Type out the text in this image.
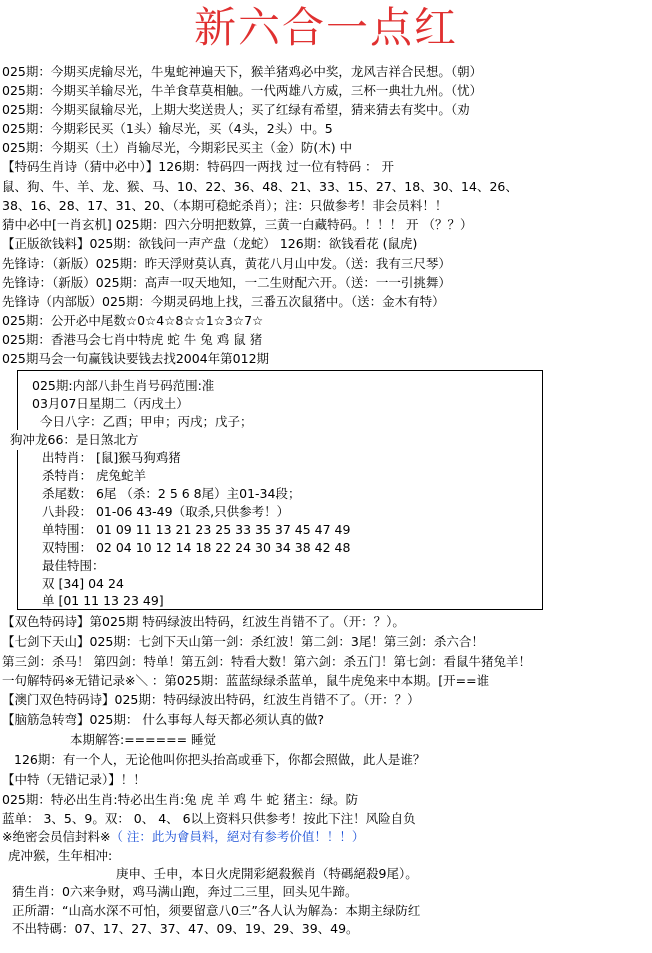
新六合一点红
025期：今期买虎输尽光，牛鬼蛇神遍天下，猴羊猪鸡必中奖，龙风吉祥合民想。（朝）
025期：今期买羊输尽光，牛羊食草莫相触。一代两雄八方威，三杯一典壮九州。（忧）
025期：今期买鼠输尽光，上期大奖送贵人；买了红绿有希望，猜来猜去有奖中。（劝
025期：今期彩民买（1头）输尽光，买（4头，2头）中。5
025期：今期买（土）肖输尽光，今期彩民买主（金）防(木) 中
【特码生肖诗（猜中必中）】126期：特码四一两找 过一位有特码 ： 开
鼠、狗、牛、羊、龙、猴、马、10、22、36、48、21、33、15、27、18、30、14、26、
38、16、28、17、31、20、（本期可稳蛇杀肖）；注：只做参考！非会员料！！
猜中必中[一肖玄机] 025期：四六分明把数算，三黄一白藏特码。！！！ 开 （？？）
【正版欲钱料】025期：欲钱问一声产盘（龙蛇） 126期：欲钱看花 (鼠虎)
先锋诗：（新版）025期：昨天浮财莫认真，黄花八月山中发。（送：我有三尺琴）
先锋诗：（新版）025期：高声一叹天地知，一二生财配六开。（送：一一引挑舞）
先锋诗（内部版）025期：今期灵码地上找，三番五次鼠猪中。（送：金木有特）
025期：公开必中尾数☆0☆4☆8☆☆1☆3☆7☆
025期：香港马会七肖中特虎 蛇 牛 兔 鸡 鼠 猪
025期马会一句赢钱诀要钱去找2004年第012期
025期:内部八卦生肖号码范围:准
03月07日星期二（丙戌土）
今日八字：乙酉；甲申；丙戌；戊子；
狗冲龙66：是日煞北方
出特肖： [鼠]猴马狗鸡猪
杀特肖： 虎兔蛇羊
杀尾数： 6尾 （杀：2 5 6 8尾）主01-34段；
八卦段： 01-06 43-49（取杀,只供参考！）
单特围： 01 09 11 13 21 23 25 33 35 37 45 47 49
双特围： 02 04 10 12 14 18 22 24 30 34 38 42 48
最佳特围：
双 [34] 04 24
单 [01 11 13 23 49]
【双色特码诗】第025期 特码绿波出特码，红波生肖错不了。（开：？）。
【七剑下天山】025期：七剑下天山第一剑：杀红波！第二剑：3尾！第三剑：杀六合！
第三剑：杀马！ 第四剑：特单！第五剑：特看大数！第六剑：杀五门！第七剑：看鼠牛猪兔羊！
一句解特码※无错记录※＼ ：第025期：蓝蓝绿绿杀蓝单，鼠牛虎兔来中本期。[开==谁
【澳门双色特码诗】025期：特码绿波出特码，红波生肖错不了。（开：？）
【脑筋急转弯】025期： 什么事每人每天都必须认真的做?
本期解答:====== 睡觉
126期：有一个人，无论他叫你把头抬高或垂下，你都会照做，此人是谁？
【中特（无错记录）】！！
025期：特必出生肖:特必出生肖:兔 虎 羊 鸡 牛 蛇 猪主：绿。防
蓝单： 3、5、9。双： 0、 4、 6以上资料只供参考！按此下注！风险自负
※绝密会员信封料※（ 注：此为會員料，絕对有参考价值！！！）
虎冲猴，生年相冲:
庚申、壬申，本日火虎開彩絕殺猴肖（特碼絕殺9尾）。
猜生肖：0六来争财，鸡马满山跑，奔过二三里，回头见牛蹄。
正所謂：“山高水深不可怕，须要留意八0三”各人认为解為：本期主绿防红
不出特碼：07、17、27、37、47、09、19、29、39、49。
